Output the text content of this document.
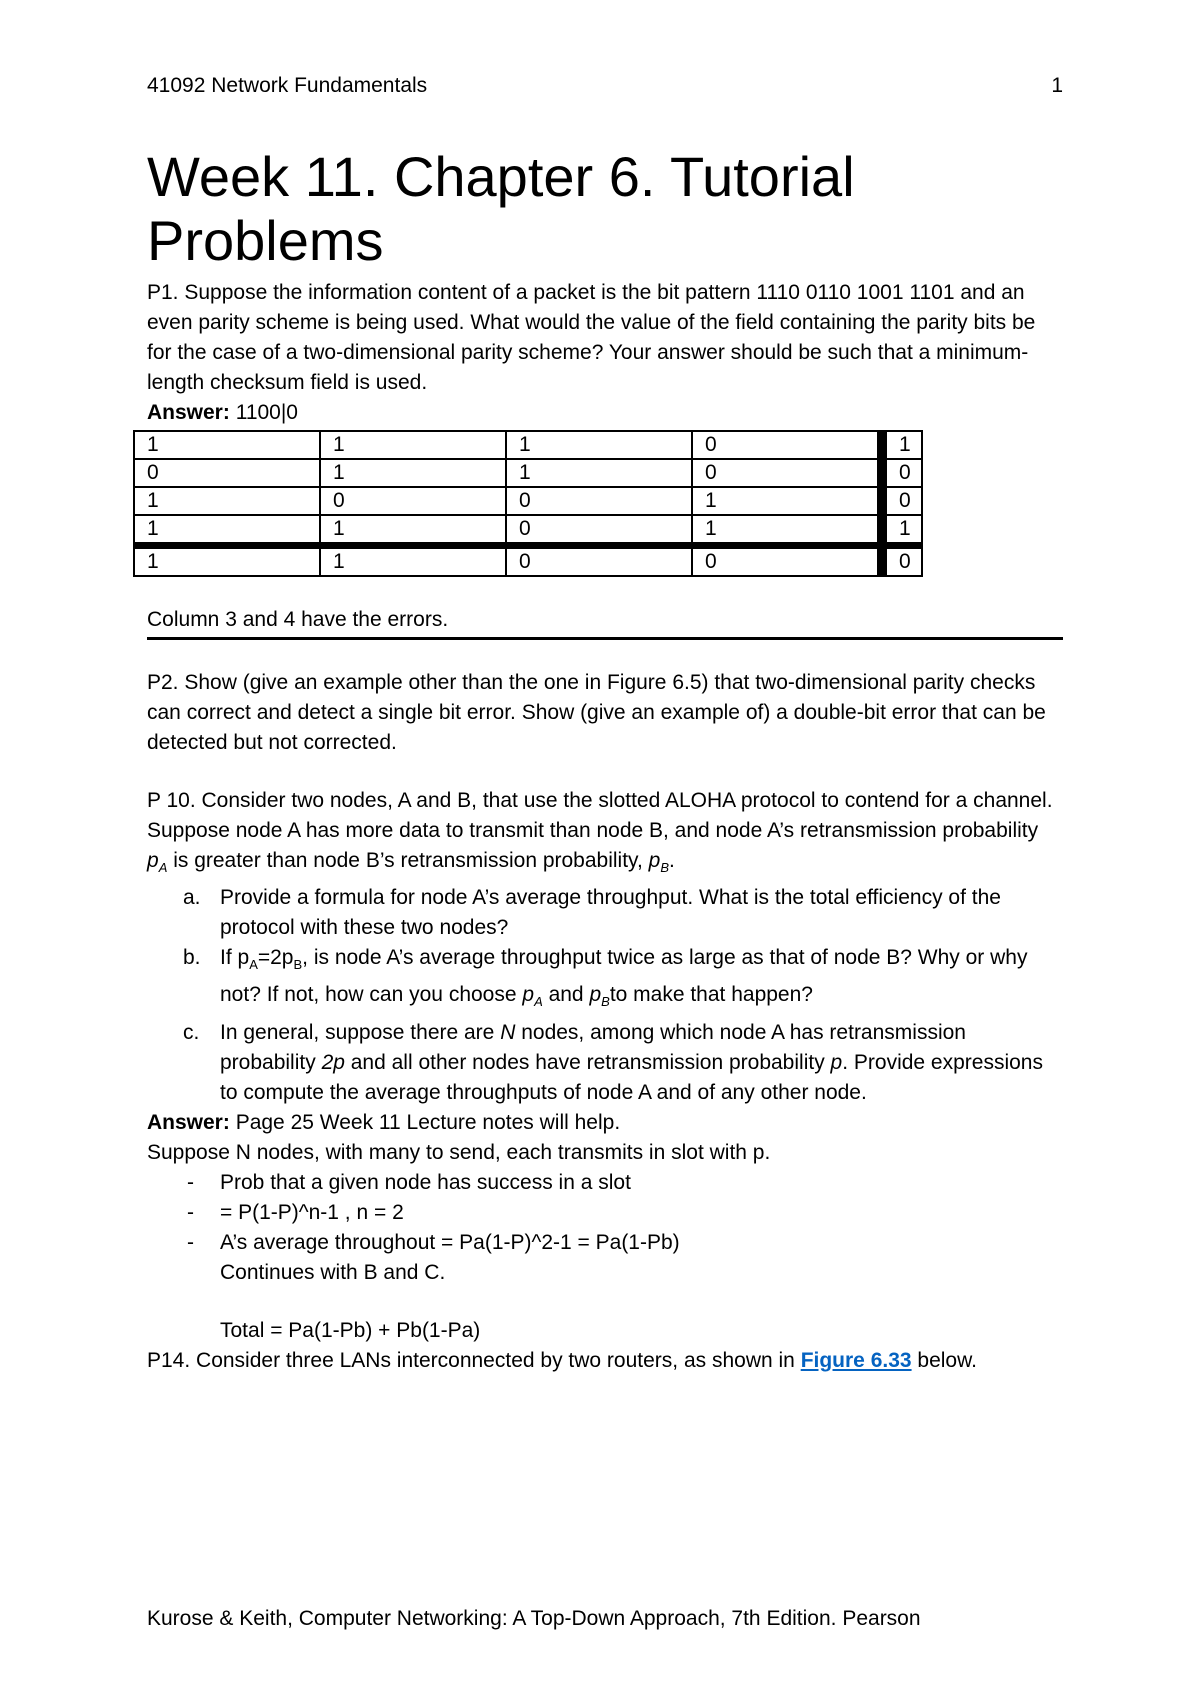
41092 Network Fundamentals	1
Week 11. Chapter 6. Tutorial Problems

P1. Suppose the information content of a packet is the bit pattern 1110 0110 1001 1101 and an even parity scheme is being used. What would the value of the field containing the parity bits be for the case of a two-dimensional parity scheme? Your answer should be such that a minimum-length checksum field is used.

Answer: 1100|0

1	1	1	0	1
0	1	1	0	0
1	0	0	1	0
1	1	0	1	1
1	1	0	0	0

Column 3 and 4 have the errors.

P2. Show (give an example other than the one in Figure 6.5) that two-dimensional parity checks can correct and detect a single bit error. Show (give an example of) a double-bit error that can be detected but not corrected.

P 10. Consider two nodes, A and B, that use the slotted ALOHA protocol to contend for a channel. Suppose node A has more data to transmit than node B, and node A’s retransmission probability $p_A$ is greater than node B’s retransmission probability, $p_B$.

a. Provide a formula for node A’s average throughput. What is the total efficiency of the protocol with these two nodes?
b. If $p_A=2p_B$, is node A’s average throughput twice as large as that of node B? Why or why not? If not, how can you choose $p_A$ and $p_Bto$ make that happen?
c. In general, suppose there are N nodes, among which node A has retransmission probability 2p and all other nodes have retransmission probability p. Provide expressions to compute the average throughputs of node A and of any other node.

Answer: Page 25 Week 11 Lecture notes will help.

Suppose N nodes, with many to send, each transmits in slot with p.

- Prob that a given node has success in a slot
- = P(1-P)^n-1 , n = 2
- A’s average throughout = Pa(1-P)^2-1 = Pa(1-Pb)

Continues with B and C.

Total = Pa(1-Pb) + Pb(1-Pa)

P14. Consider three LANs interconnected by two routers, as shown in Figure 6.33 below.

Kurose & Keith, Computer Networking: A Top-Down Approach, 7th Edition. Pearson
